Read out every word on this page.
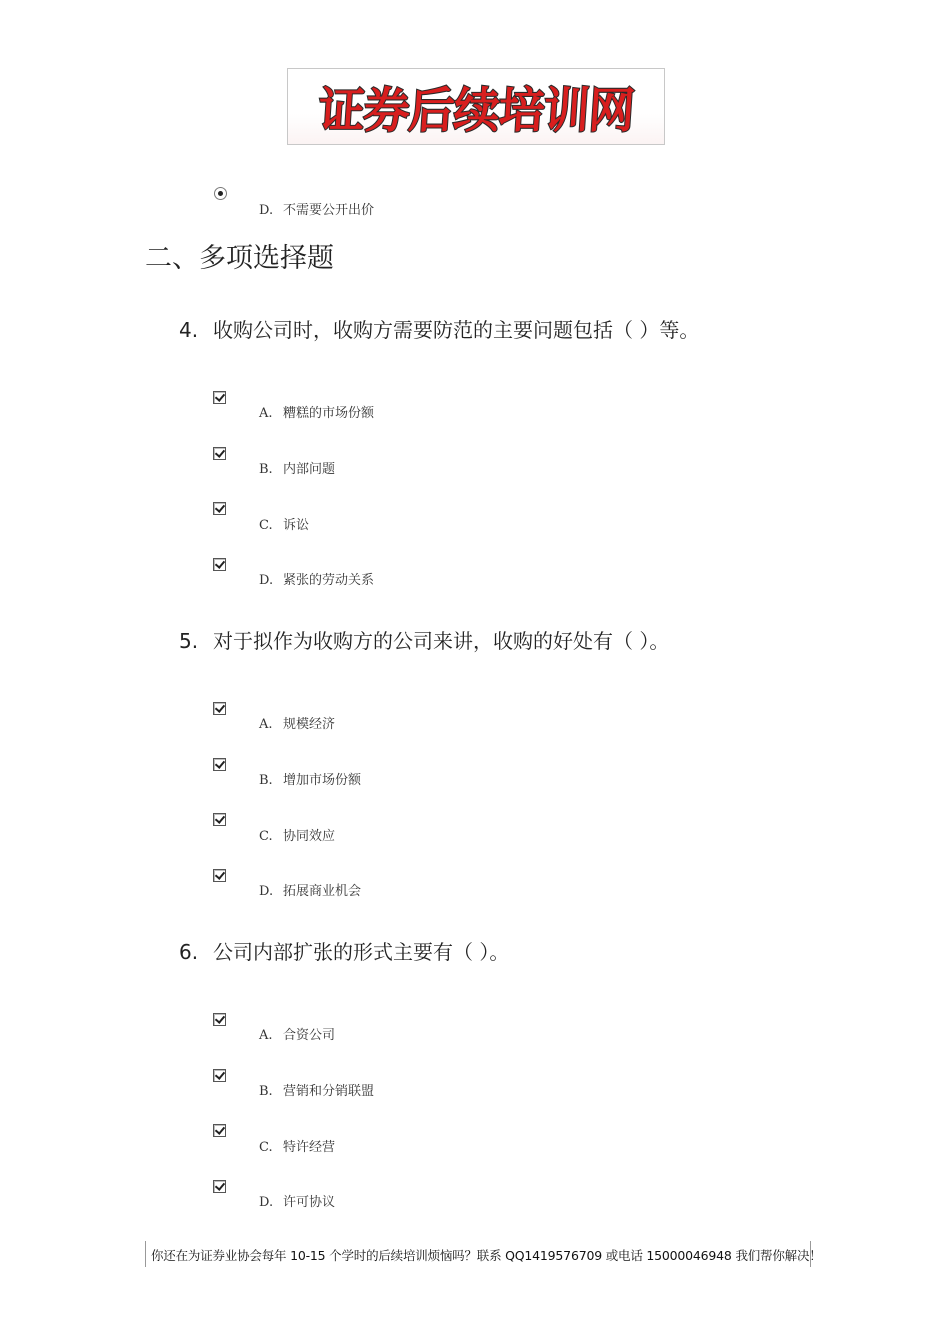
证券后续培训网
D. 不需要公开出价
二、多项选择题
4. 收购公司时，收购方需要防范的主要问题包括（ ）等。
A. 糟糕的市场份额
B. 内部问题
C. 诉讼
D. 紧张的劳动关系
5. 对于拟作为收购方的公司来讲，收购的好处有（ ）。
A. 规模经济
B. 增加市场份额
C. 协同效应
D. 拓展商业机会
6. 公司内部扩张的形式主要有（ ）。
A. 合资公司
B. 营销和分销联盟
C. 特许经营
D. 许可协议
你还在为证券业协会每年 10-15 个学时的后续培训烦恼吗？联系 QQ1419576709 或电话 15000046948 我们帮你解决！
